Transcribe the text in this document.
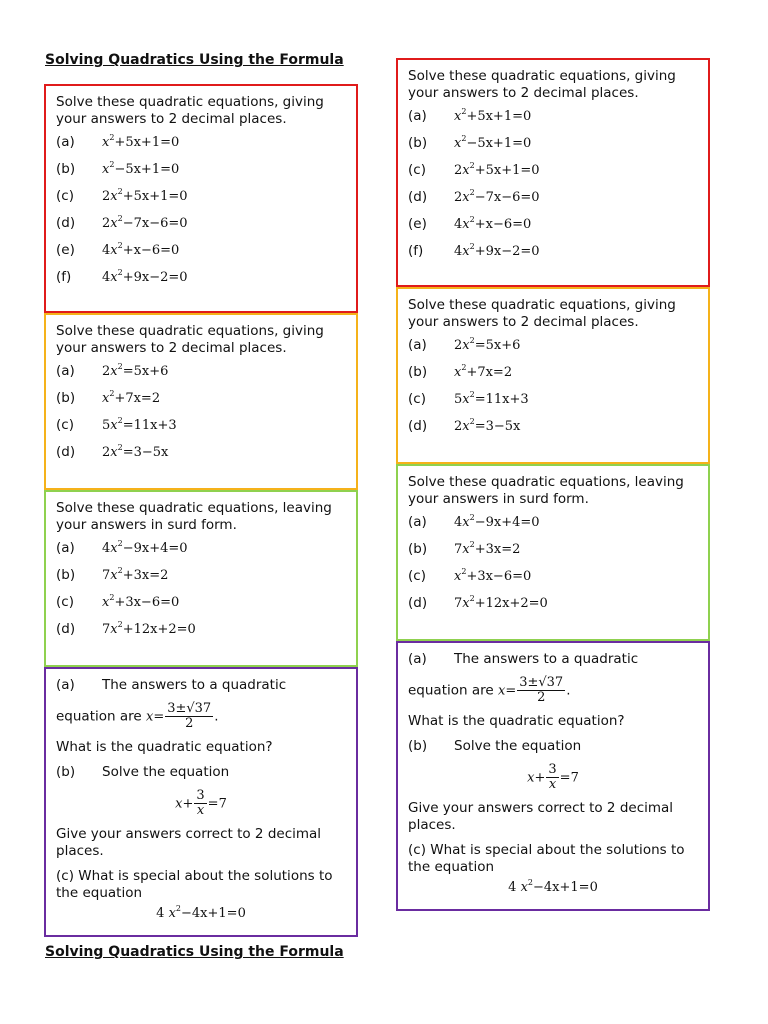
Solving Quadratics Using the Formula
Solving Quadratics Using the Formula
Solve these quadratic equations, giving your answers to 2 decimal places.
(a)	$x^2+5x+1=0$
(b)	$x^2-5x+1=0$
(c)	$2x^2+5x+1=0$
(d)	$2x^2-7x-6=0$
(e)	$4x^2+x-6=0$
(f)	$4x^2+9x-2=0$
Solve these quadratic equations, giving your answers to 2 decimal places.
(a)	$2x^2=5x+6$
(b)	$x^2+7x=2$
(c)	$5x^2=11x+3$
(d)	$2x^2=3-5x$
Solve these quadratic equations, leaving your answers in surd form.
(a)	$4x^2-9x+4=0$
(b)	$7x^2+3x=2$
(c)	$x^2+3x-6=0$
(d)	$7x^2+12x+2=0$
(a)	The answers to a quadratic
equation are $x= \frac{3\pm√37}{2}$ .
What is the quadratic equation?
(b)	Solve the equation
$x+ \frac{3}{x} =7$
Give your answers correct to 2 decimal places.
(c) What is special about the solutions to the equation
4 $x^2-4x+1=0$
Solve these quadratic equations, giving your answers to 2 decimal places.
(a)	$x^2+5x+1=0$
(b)	$x^2-5x+1=0$
(c)	$2x^2+5x+1=0$
(d)	$2x^2-7x-6=0$
(e)	$4x^2+x-6=0$
(f)	$4x^2+9x-2=0$
Solve these quadratic equations, giving your answers to 2 decimal places.
(a)	$2x^2=5x+6$
(b)	$x^2+7x=2$
(c)	$5x^2=11x+3$
(d)	$2x^2=3-5x$
Solve these quadratic equations, leaving your answers in surd form.
(a)	$4x^2-9x+4=0$
(b)	$7x^2+3x=2$
(c)	$x^2+3x-6=0$
(d)	$7x^2+12x+2=0$
(a)	The answers to a quadratic
equation are $x= \frac{3\pm√37}{2}$ .
What is the quadratic equation?
(b)	Solve the equation
$x+ \frac{3}{x} =7$
Give your answers correct to 2 decimal places.
(c) What is special about the solutions to the equation
4 $x^2-4x+1=0$
